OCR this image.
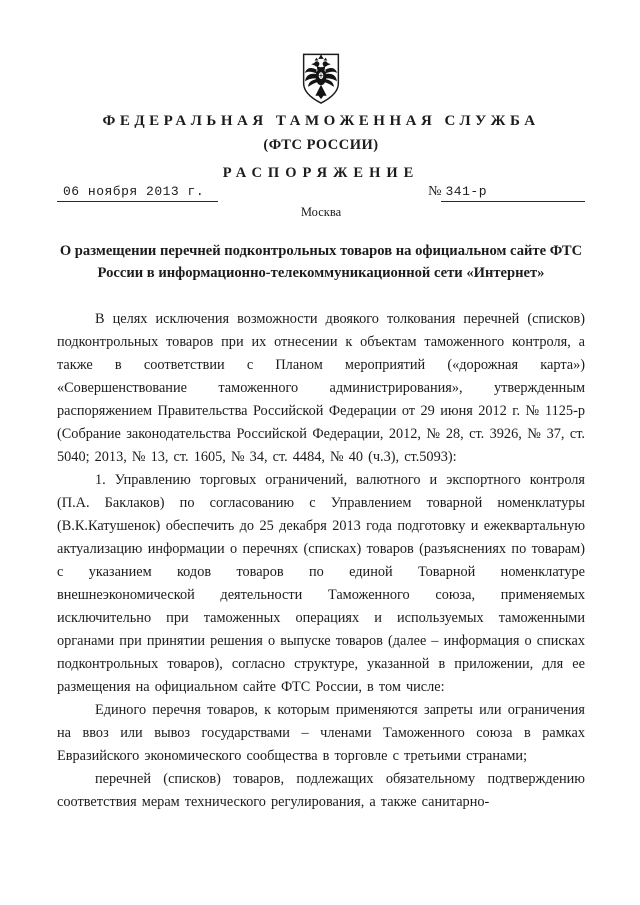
ФЕДЕРАЛЬНАЯ ТАМОЖЕННАЯ СЛУЖБА
(ФТС РОССИИ)
РАСПОРЯЖЕНИЕ
06 ноября 2013 г.	№ 341-р
Москва
О размещении перечней подконтрольных товаров на официальном сайте ФТС России в информационно-телекоммуникационной сети «Интернет»

В целях исключения возможности двоякого толкования перечней (списков) подконтрольных товаров при их отнесении к объектам таможенного контроля, а также в соответствии с Планом мероприятий («дорожная карта») «Совершенствование таможенного администрирования», утвержденным распоряжением Правительства Российской Федерации от 29 июня 2012 г. № 1125-р (Собрание законодательства Российской Федерации, 2012, № 28, ст. 3926, № 37, ст. 5040; 2013, № 13, ст. 1605, № 34, ст. 4484, № 40 (ч.3), ст.5093):

1. Управлению торговых ограничений, валютного и экспортного контроля (П.А. Баклаков) по согласованию с Управлением товарной номенклатуры (В.К.Катушенок) обеспечить до 25 декабря 2013 года подготовку и ежеквартальную актуализацию информации о перечнях (списках) товаров (разъяснениях по товарам) с указанием кодов товаров по единой Товарной номенклатуре внешнеэкономической деятельности Таможенного союза, применяемых исключительно при таможенных операциях и используемых таможенными органами при принятии решения о выпуске товаров (далее – информация о списках подконтрольных товаров), согласно структуре, указанной в приложении, для ее размещения на официальном сайте ФТС России, в том числе:

Единого перечня товаров, к которым применяются запреты или ограничения на ввоз или вывоз государствами – членами Таможенного союза в рамках Евразийского экономического сообщества в торговле с третьими странами;

перечней (списков) товаров, подлежащих обязательному подтверждению соответствия мерам технического регулирования, а также санитарно-
